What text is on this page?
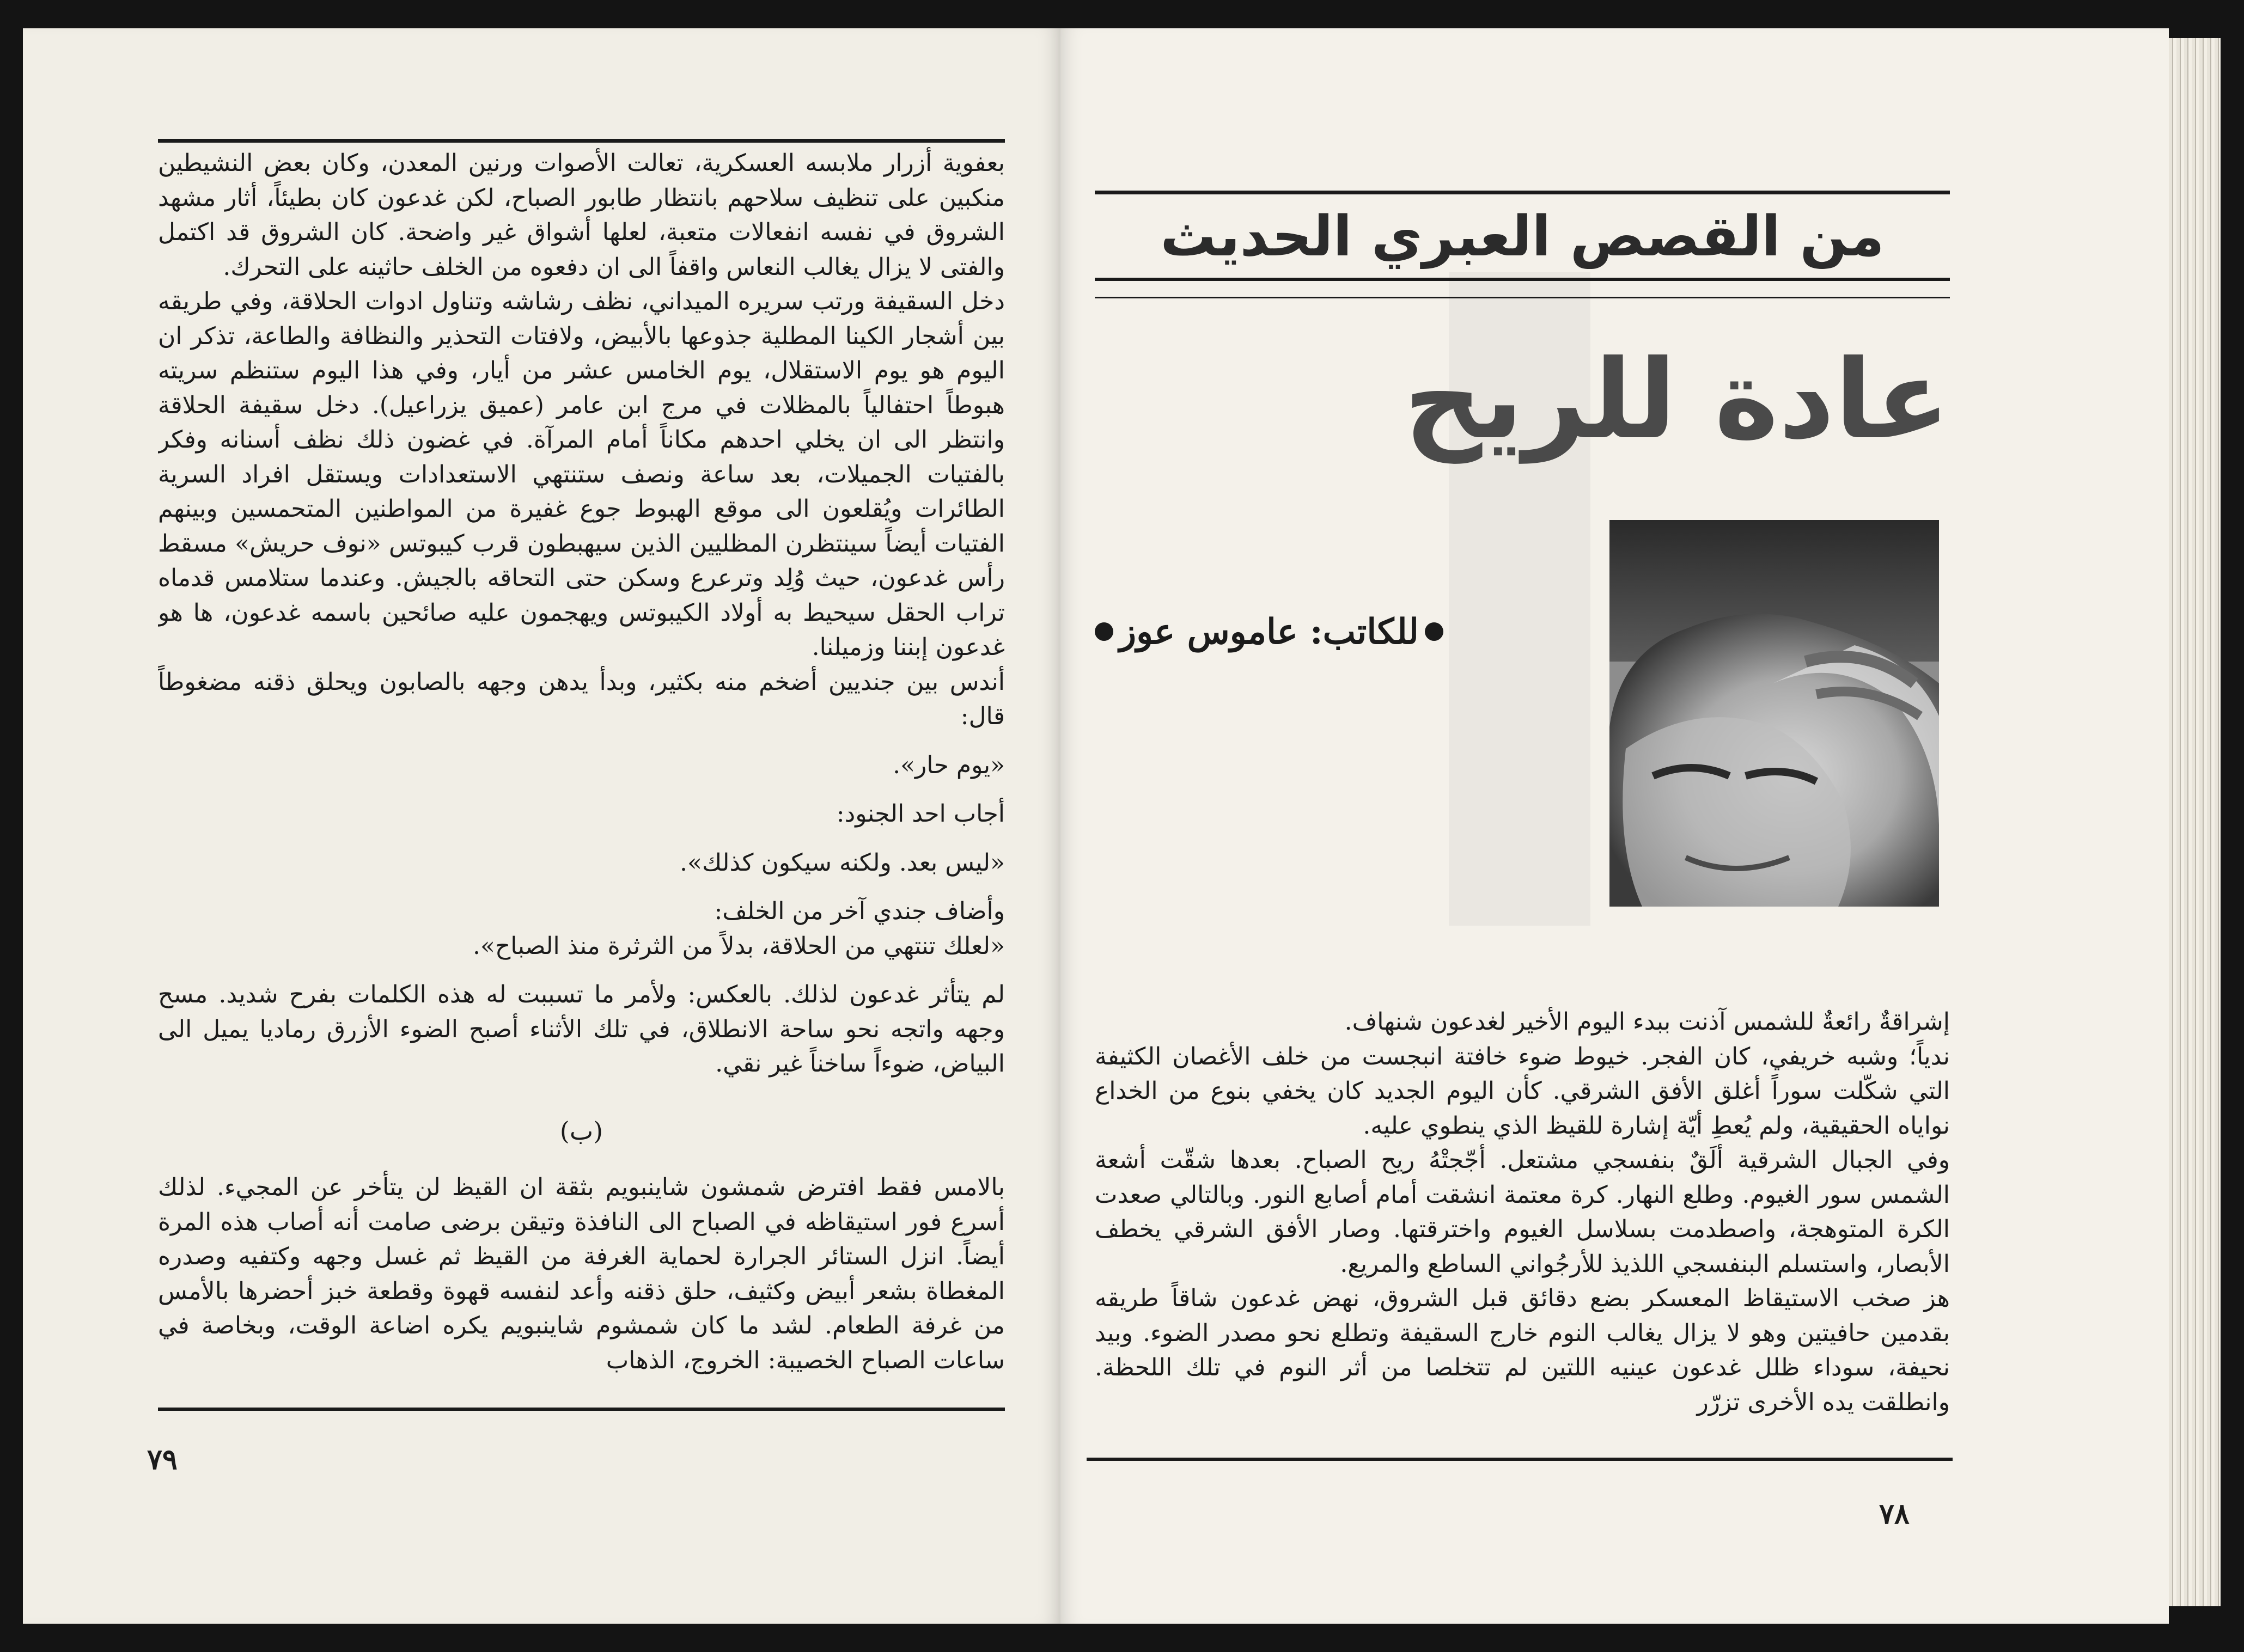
بعفوية أزرار ملابسه العسكرية، تعالت الأصوات ورنين المعدن، وكان بعض النشيطين منكبين على تنظيف سلاحهم بانتظار طابور الصباح، لكن غدعون كان بطيئاً، أثار مشهد الشروق في نفسه انفعالات متعبة، لعلها أشواق غير واضحة. كان الشروق قد اكتمل والفتى لا يزال يغالب النعاس واقفاً الى ان دفعوه من الخلف حاثينه على التحرك.

دخل السقيفة ورتب سريره الميداني، نظف رشاشه وتناول ادوات الحلاقة، وفي طريقه بين أشجار الكينا المطلية جذوعها بالأبيض، ولافتات التحذير والنظافة والطاعة، تذكر ان اليوم هو يوم الاستقلال، يوم الخامس عشر من أيار، وفي هذا اليوم ستنظم سريته هبوطاً احتفالياً بالمظلات في مرج ابن عامر (عميق يزراعيل). دخل سقيفة الحلاقة وانتظر الى ان يخلي احدهم مكاناً أمام المرآة. في غضون ذلك نظف أسنانه وفكر بالفتيات الجميلات، بعد ساعة ونصف ستنتهي الاستعدادات ويستقل افراد السرية الطائرات ويُقلعون الى موقع الهبوط جوع غفيرة من المواطنين المتحمسين وبينهم الفتيات أيضاً سينتظرن المظليين الذين سيهبطون قرب كيبوتس «نوف حريش» مسقط رأس غدعون، حيث وُلِد وترعرع وسكن حتى التحاقه بالجيش. وعندما ستلامس قدماه تراب الحقل سيحيط به أولاد الكيبوتس ويهجمون عليه صائحين باسمه غدعون، ها هو غدعون إبننا وزميلنا.

أندس بين جنديين أضخم منه بكثير، وبدأ يدهن وجهه بالصابون ويحلق ذقنه مضغوطاً قال:

«يوم حار».

أجاب احد الجنود:

«ليس بعد. ولكنه سيكون كذلك».

وأضاف جندي آخر من الخلف:

«لعلك تنتهي من الحلاقة، بدلاً من الثرثرة منذ الصباح».

لم يتأثر غدعون لذلك. بالعكس: ولأمر ما تسببت له هذه الكلمات بفرح شديد. مسح وجهه واتجه نحو ساحة الانطلاق، في تلك الأثناء أصبح الضوء الأزرق رماديا يميل الى البياض، ضوءاً ساخناً غير نقي.

(ب)

بالامس فقط افترض شمشون شاينبويم بثقة ان القيظ لن يتأخر عن المجيء. لذلك أسرع فور استيقاظه في الصباح الى النافذة وتيقن برضى صامت أنه أصاب هذه المرة أيضاً. انزل الستائر الجرارة لحماية الغرفة من القيظ ثم غسل وجهه وكتفيه وصدره المغطاة بشعر أبيض وكثيف، حلق ذقنه وأعد لنفسه قهوة وقطعة خبز أحضرها بالأمس من غرفة الطعام. لشد ما كان شمشوم شاينبويم يكره اضاعة الوقت، وبخاصة في ساعات الصباح الخصيبة: الخروج، الذهاب

٧٩
من القصص العبري الحديث
عادة للريح
للكاتب: عاموس عوز

إشراقةٌ رائعةٌ للشمس آذنت ببدء اليوم الأخير لغدعون شنهاف.

ندياً؛ وشبه خريفي، كان الفجر. خيوط ضوء خافتة انبجست من خلف الأغصان الكثيفة التي شكّلت سوراً أغلق الأفق الشرقي. كأن اليوم الجديد كان يخفي بنوع من الخداع نواياه الحقيقية، ولم يُعطِ أيّة إشارة للقيظ الذي ينطوي عليه.

وفي الجبال الشرقية ألَقٌ بنفسجي مشتعل. أجّجتْهُ ريح الصباح. بعدها شقّت أشعة الشمس سور الغيوم. وطلع النهار. كرة معتمة انشقت أمام أصابع النور. وبالتالي صعدت الكرة المتوهجة، واصطدمت بسلاسل الغيوم واخترقتها. وصار الأفق الشرقي يخطف الأبصار، واستسلم البنفسجي اللذيذ للأرجُواني الساطع والمريع.

هز صخب الاستيقاظ المعسكر بضع دقائق قبل الشروق، نهض غدعون شاقاً طريقه بقدمين حافيتين وهو لا يزال يغالب النوم خارج السقيفة وتطلع نحو مصدر الضوء. وبيد نحيفة، سوداء ظلل غدعون عينيه اللتين لم تتخلصا من أثر النوم في تلك اللحظة. وانطلقت يده الأخرى تزرّر

٧٨
